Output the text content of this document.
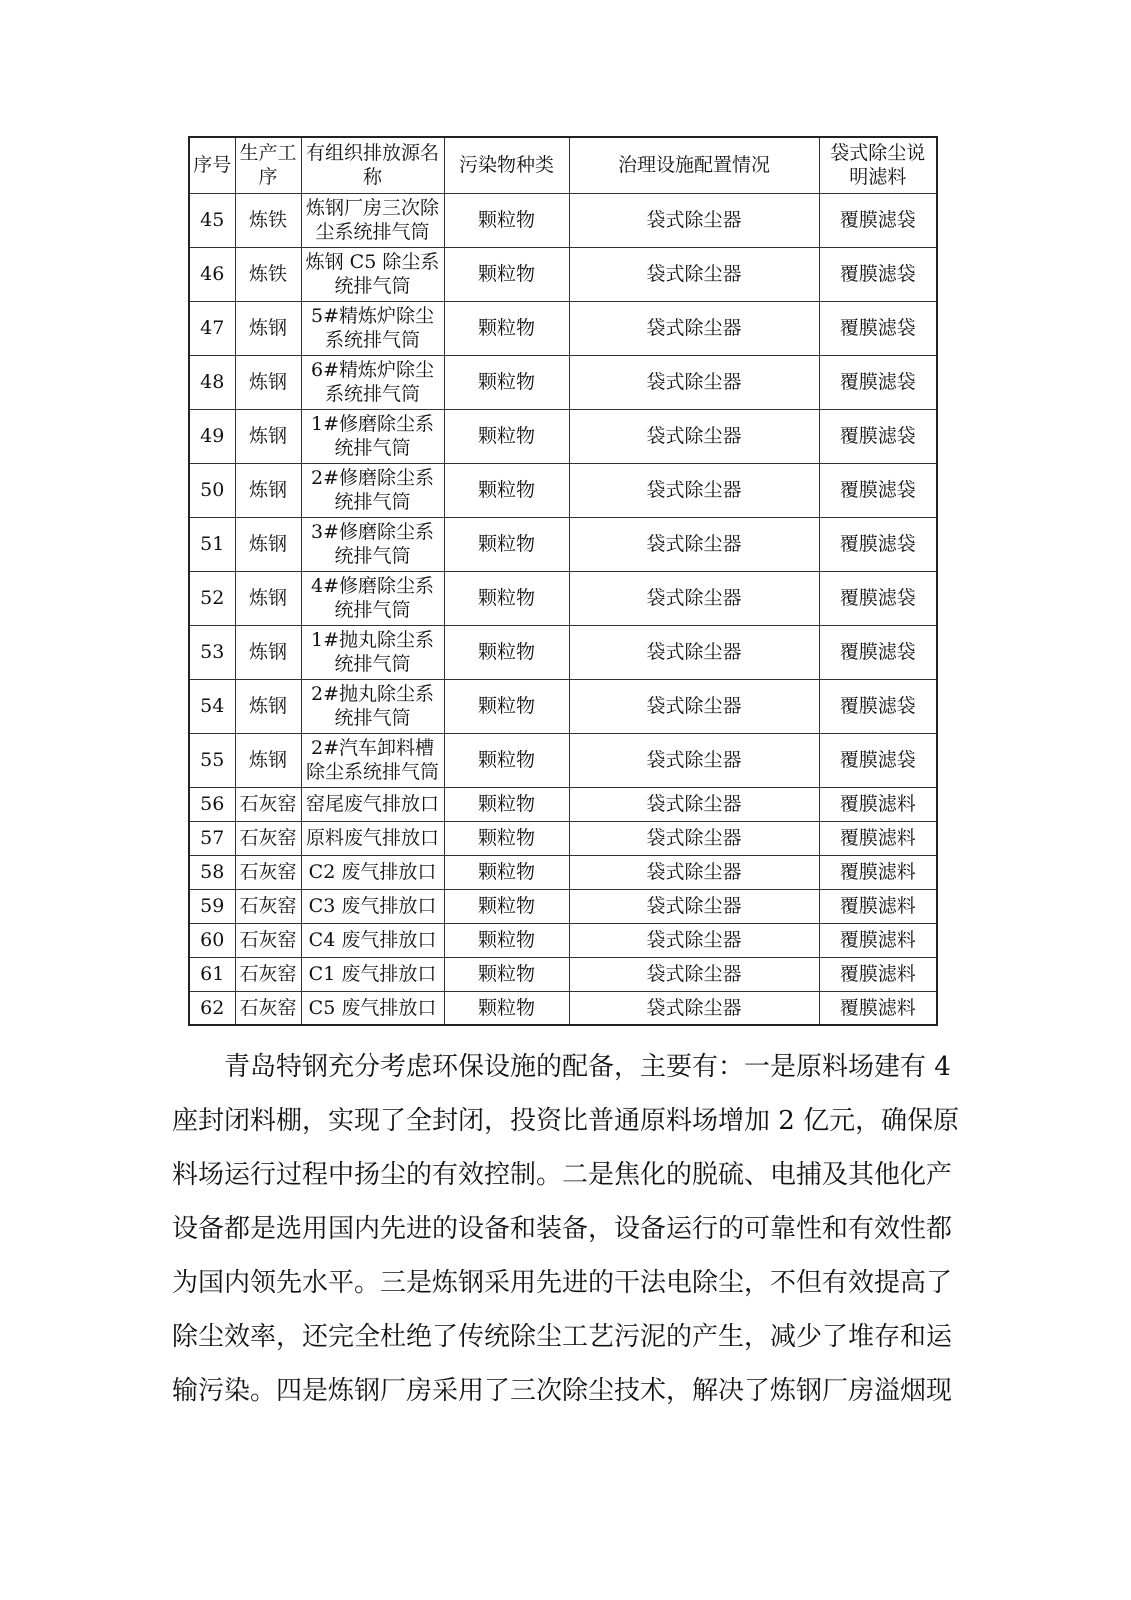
序号	生产工序	有组织排放源名称	污染物种类	治理设施配置情况	袋式除尘说明滤料
45	炼铁	炼钢厂房三次除尘系统排气筒	颗粒物	袋式除尘器	覆膜滤袋
46	炼铁	炼钢 C5 除尘系统排气筒	颗粒物	袋式除尘器	覆膜滤袋
47	炼钢	5#精炼炉除尘系统排气筒	颗粒物	袋式除尘器	覆膜滤袋
48	炼钢	6#精炼炉除尘系统排气筒	颗粒物	袋式除尘器	覆膜滤袋
49	炼钢	1#修磨除尘系统排气筒	颗粒物	袋式除尘器	覆膜滤袋
50	炼钢	2#修磨除尘系统排气筒	颗粒物	袋式除尘器	覆膜滤袋
51	炼钢	3#修磨除尘系统排气筒	颗粒物	袋式除尘器	覆膜滤袋
52	炼钢	4#修磨除尘系统排气筒	颗粒物	袋式除尘器	覆膜滤袋
53	炼钢	1#抛丸除尘系统排气筒	颗粒物	袋式除尘器	覆膜滤袋
54	炼钢	2#抛丸除尘系统排气筒	颗粒物	袋式除尘器	覆膜滤袋
55	炼钢	2#汽车卸料槽除尘系统排气筒	颗粒物	袋式除尘器	覆膜滤袋
56	石灰窑	窑尾废气排放口	颗粒物	袋式除尘器	覆膜滤料
57	石灰窑	原料废气排放口	颗粒物	袋式除尘器	覆膜滤料
58	石灰窑	C2 废气排放口	颗粒物	袋式除尘器	覆膜滤料
59	石灰窑	C3 废气排放口	颗粒物	袋式除尘器	覆膜滤料
60	石灰窑	C4 废气排放口	颗粒物	袋式除尘器	覆膜滤料
61	石灰窑	C1 废气排放口	颗粒物	袋式除尘器	覆膜滤料
62	石灰窑	C5 废气排放口	颗粒物	袋式除尘器	覆膜滤料
　　青岛特钢充分考虑环保设施的配备，主要有：一是原料场建有 4
座封闭料棚，实现了全封闭，投资比普通原料场增加 2 亿元，确保原
料场运行过程中扬尘的有效控制。二是焦化的脱硫、电捕及其他化产
设备都是选用国内先进的设备和装备，设备运行的可靠性和有效性都
为国内领先水平。三是炼钢采用先进的干法电除尘，不但有效提高了
除尘效率，还完全杜绝了传统除尘工艺污泥的产生，减少了堆存和运
输污染。四是炼钢厂房采用了三次除尘技术，解决了炼钢厂房溢烟现
